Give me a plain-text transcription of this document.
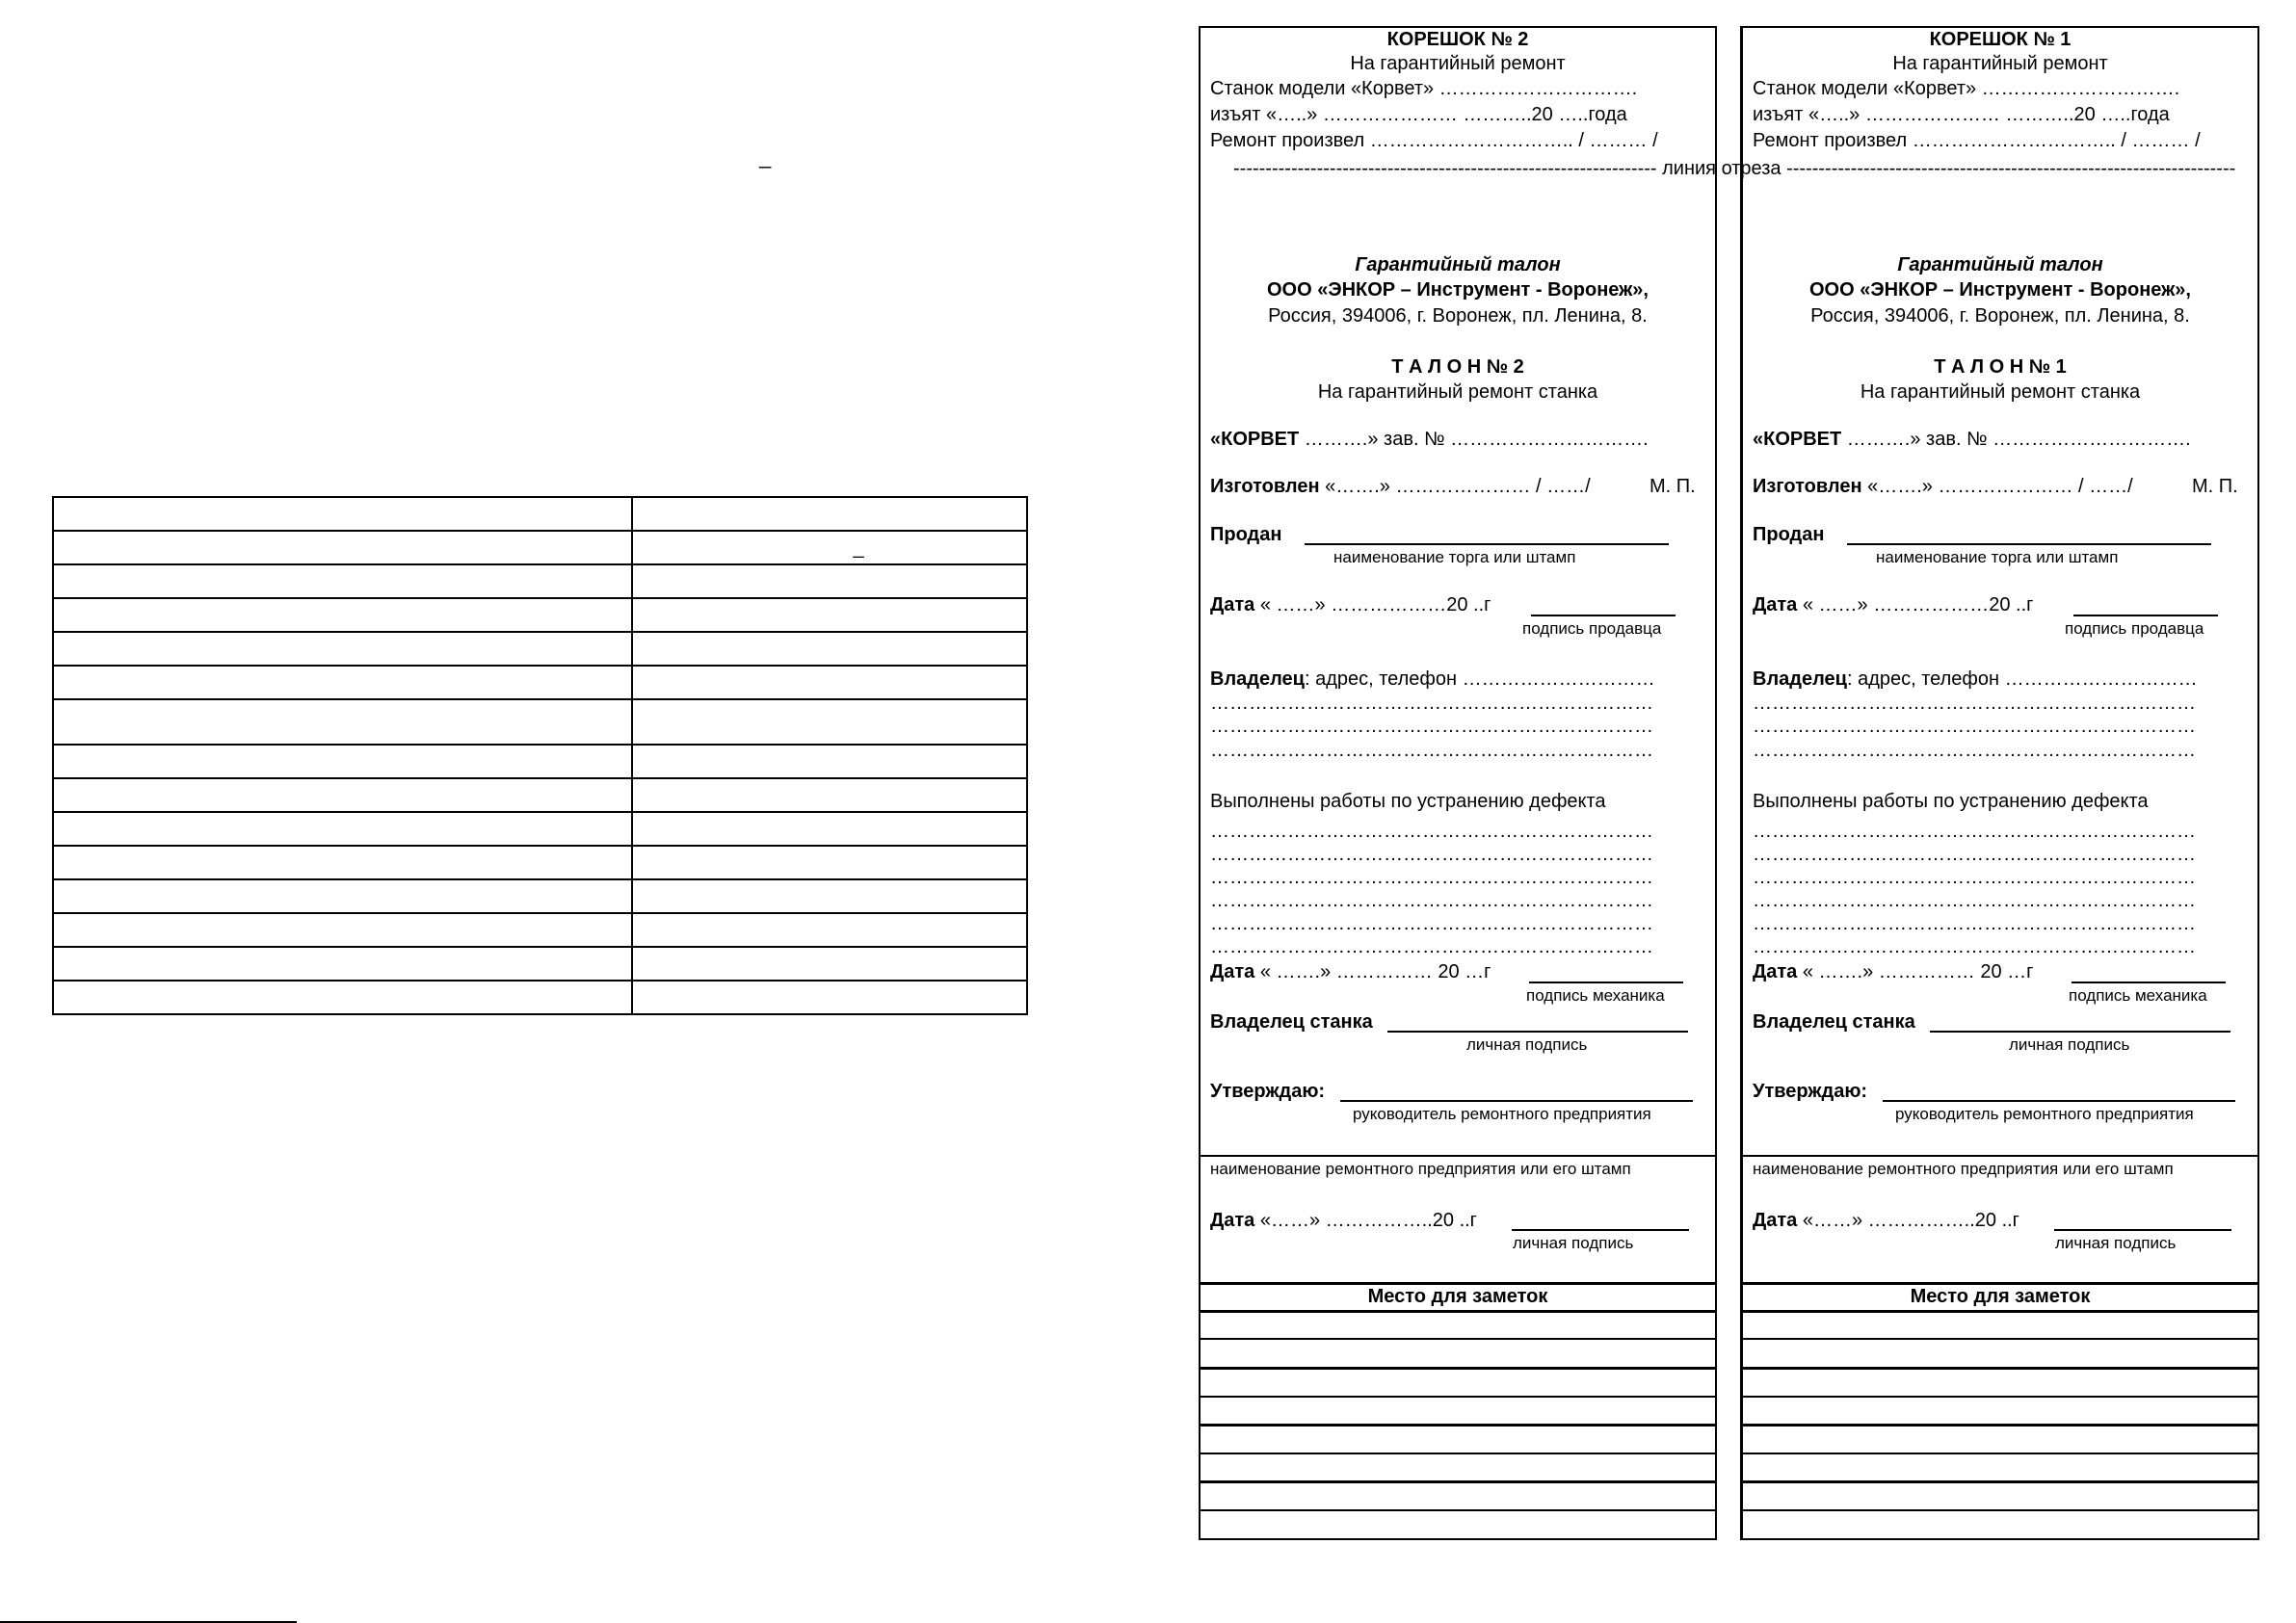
_

	_

------------------------------------------------------------------ линия отреза ----------------------------------------------------------------------
КОРЕШОК № 2
На гарантийный ремонт
Станок модели «Корвет» ………………………….
изъят «…..» ………………… ………..20 …..года
Ремонт произвел ………………………….. / ……… /
Гарантийный талон
ООО «ЭНКОР – Инструмент - Воронеж»,
Россия, 394006, г. Воронеж, пл. Ленина, 8.
Т А Л О Н № 2
На гарантийный ремонт станка
«КОРВЕТ ……….» зав. № ………………………….
Изготовлен «…….» ………………… / ……/	М. П.
Продан
наименование торга или штамп
Дата « ……» ………………20 ..г
подпись продавца
Владелец: адрес, телефон …………………………
……………………………………………………………
……………………………………………………………
……………………………………………………………
Выполнены работы по устранению дефекта
……………………………………………………………
……………………………………………………………
……………………………………………………………
……………………………………………………………
……………………………………………………………
……………………………………………………………
Дата « …….» …………… 20 …г
подпись механика
Владелец станка
личная подпись
Утверждаю:
руководитель ремонтного предприятия
наименование ремонтного предприятия или его штамп
Дата «……» ……………..20 ..г
личная подпись
Место для заметок
КОРЕШОК № 1
На гарантийный ремонт
Станок модели «Корвет» ………………………….
изъят «…..» ………………… ………..20 …..года
Ремонт произвел ………………………….. / ……… /
Гарантийный талон
ООО «ЭНКОР – Инструмент - Воронеж»,
Россия, 394006, г. Воронеж, пл. Ленина, 8.
Т А Л О Н № 1
На гарантийный ремонт станка
«КОРВЕТ ……….» зав. № ………………………….
Изготовлен «…….» ………………… / ……/	М. П.
Продан
наименование торга или штамп
Дата « ……» ………………20 ..г
подпись продавца
Владелец: адрес, телефон …………………………
……………………………………………………………
……………………………………………………………
……………………………………………………………
Выполнены работы по устранению дефекта
……………………………………………………………
……………………………………………………………
……………………………………………………………
……………………………………………………………
……………………………………………………………
……………………………………………………………
Дата « …….» …………… 20 …г
подпись механика
Владелец станка
личная подпись
Утверждаю:
руководитель ремонтного предприятия
наименование ремонтного предприятия или его штамп
Дата «……» ……………..20 ..г
личная подпись
Место для заметок
